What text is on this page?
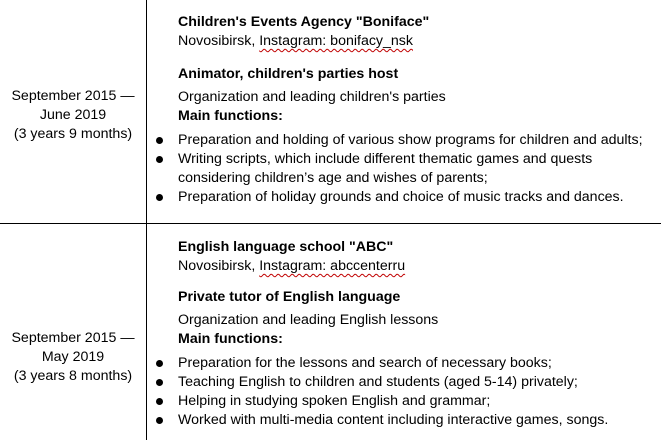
September 2015 —
June 2019
(3 years 9 months)
Children's Events Agency "Boniface"
Novosibirsk, Instagram: bonifacy_nsk
Animator, children's parties host
Organization and leading children's parties
Main functions:
Preparation and holding of various show programs for children and adults;
Writing scripts, which include different thematic games and quests
considering children’s age and wishes of parents;
Preparation of holiday grounds and choice of music tracks and dances.
September 2015 —
May 2019
(3 years 8 months)
English language school "ABC"
Novosibirsk, Instagram: abccenterru
Private tutor of English language
Organization and leading English lessons
Main functions:
Preparation for the lessons and search of necessary books;
Teaching English to children and students (aged 5-14) privately;
Helping in studying spoken English and grammar;
Worked with multi-media content including interactive games, songs.
